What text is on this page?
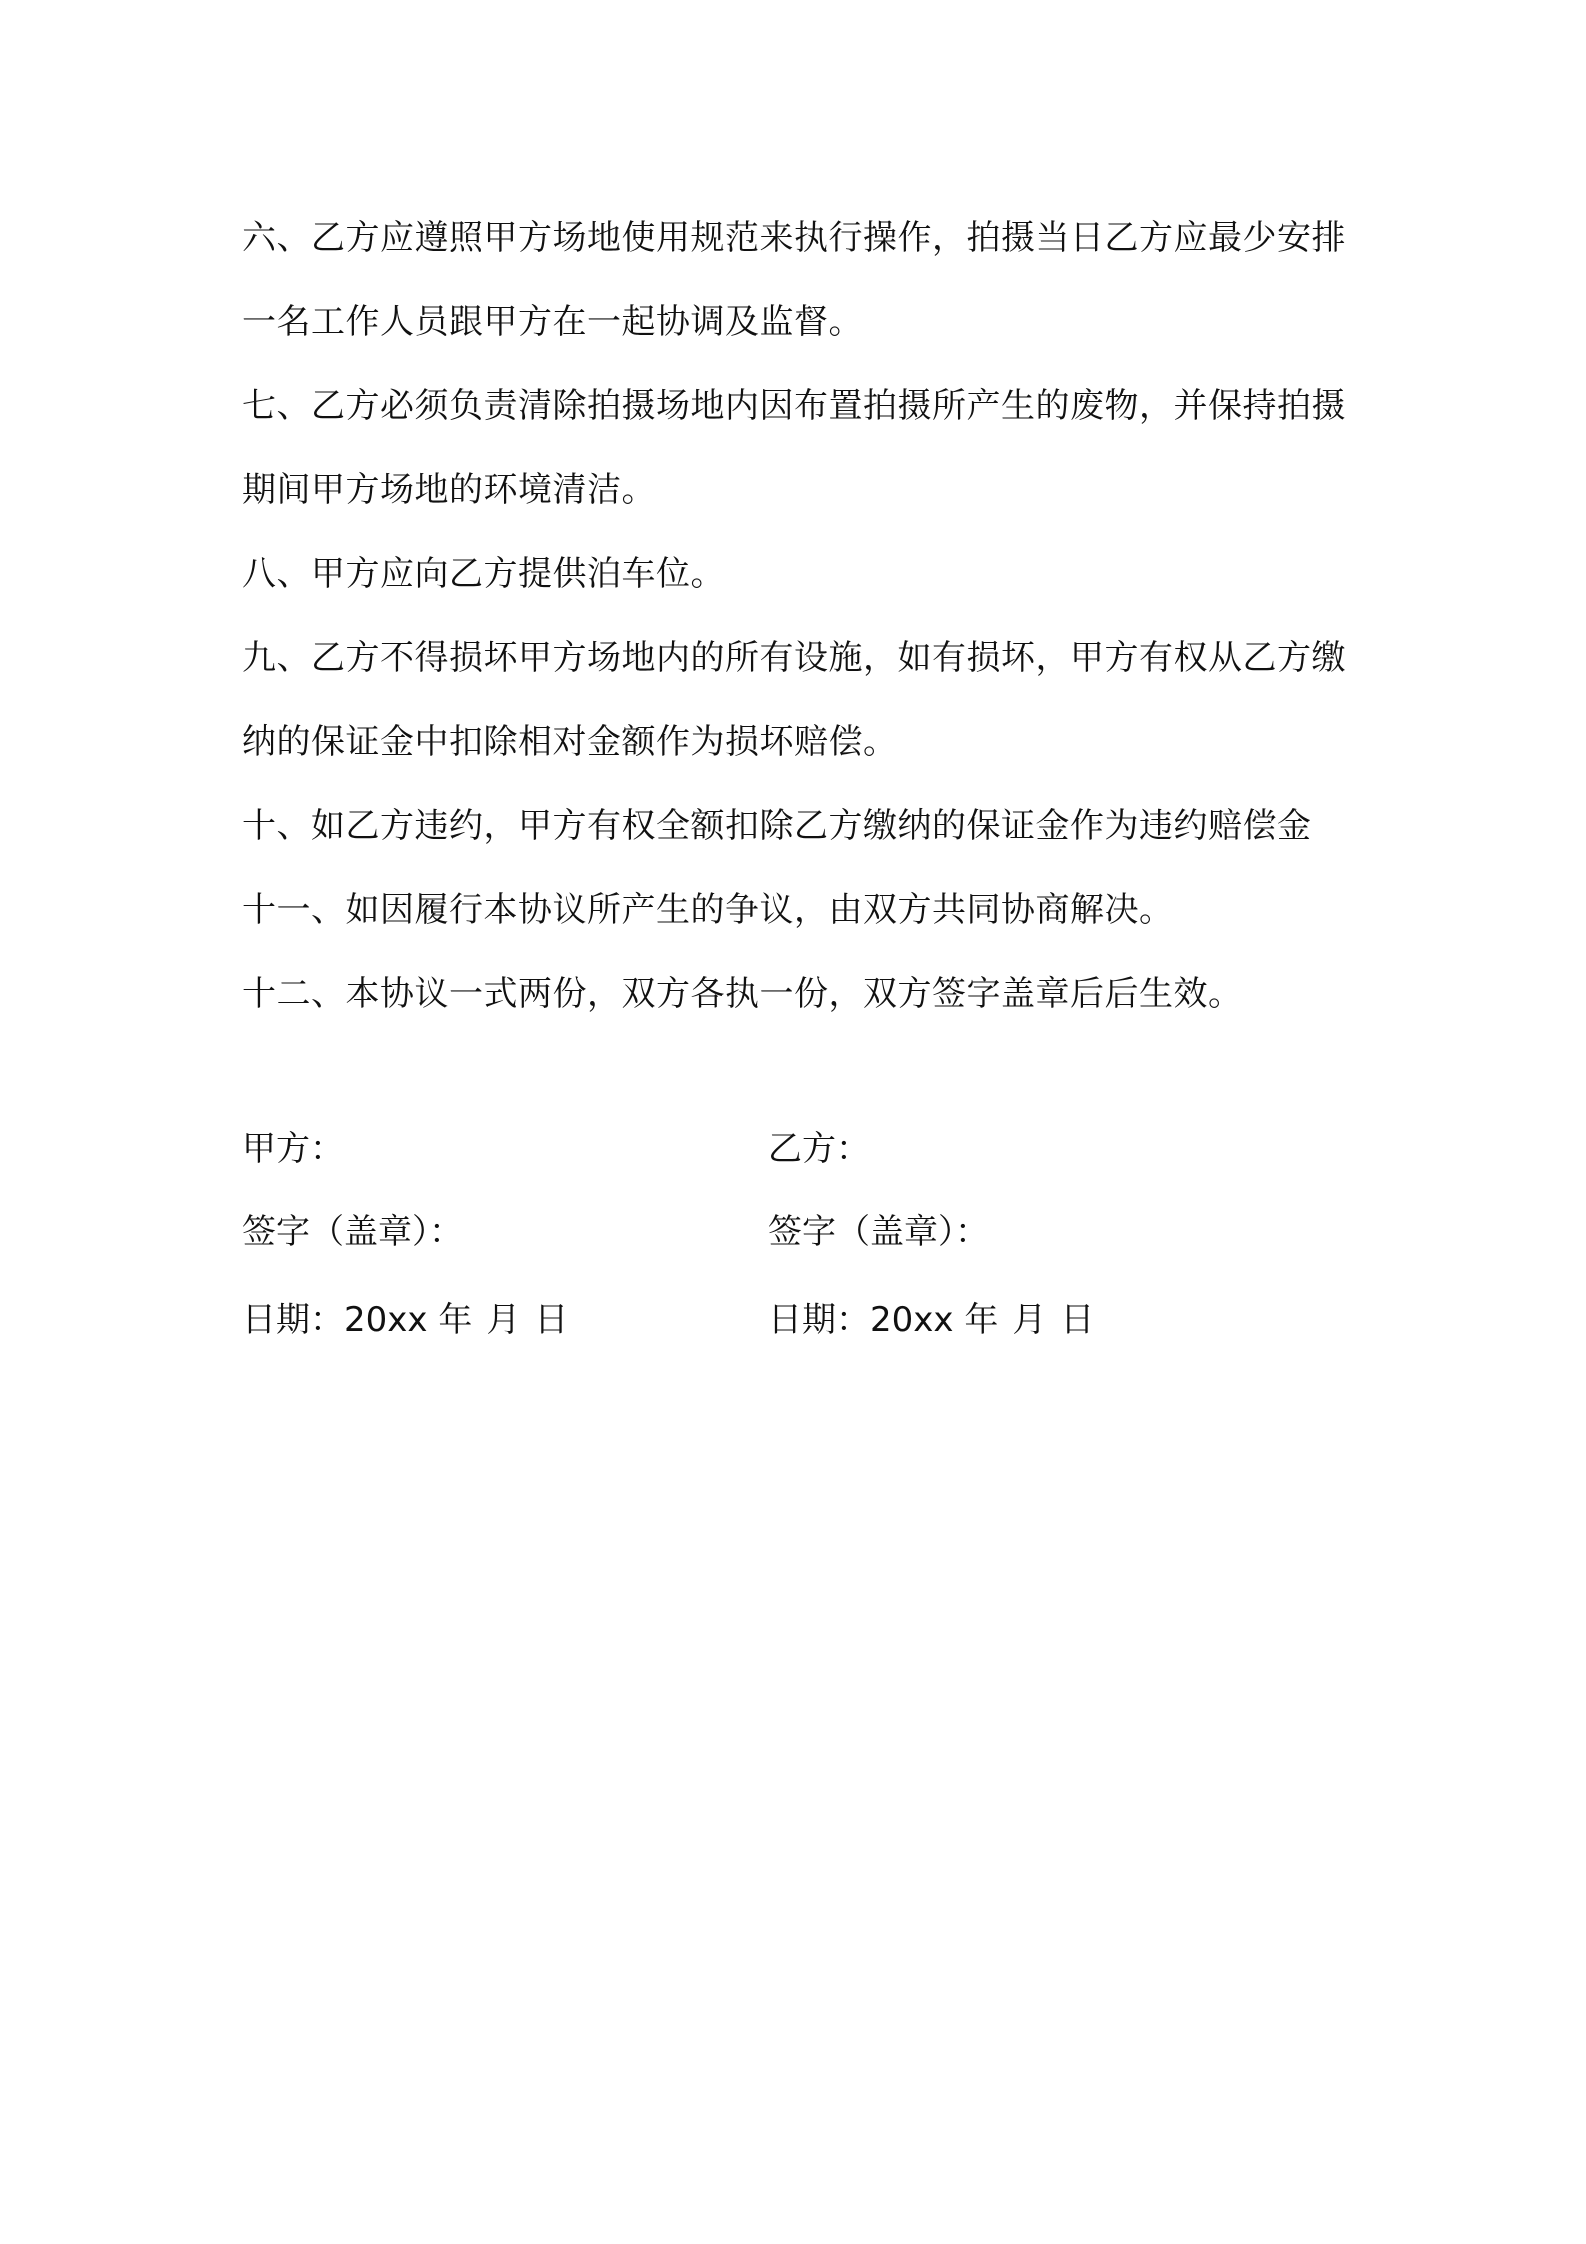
六、乙方应遵照甲方场地使用规范来执行操作，拍摄当日乙方应最少安排一名工作人员跟甲方在一起协调及监督。

七、乙方必须负责清除拍摄场地内因布置拍摄所产生的废物，并保持拍摄期间甲方场地的环境清洁。

八、甲方应向乙方提供泊车位。

九、乙方不得损坏甲方场地内的所有设施，如有损坏，甲方有权从乙方缴纳的保证金中扣除相对金额作为损坏赔偿。

十、如乙方违约，甲方有权全额扣除乙方缴纳的保证金作为违约赔偿金

十一、如因履行本协议所产生的争议，由双方共同协商解决。

十二、本协议一式两份，双方各执一份，双方签字盖章后后生效。

甲方：	乙方：
签字（盖章）：	签字（盖章）：
日期：20xx 年 月 日	日期：20xx 年 月 日
